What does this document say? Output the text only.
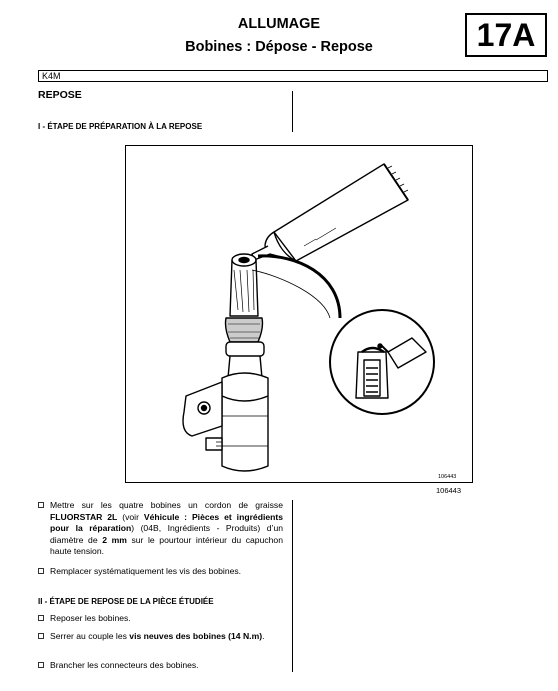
ALLUMAGE
Bobines : Dépose - Repose	17A
K4M
REPOSE
I - ÉTAPE DE PRÉPARATION À LA REPOSE
106443
106443
Mettre sur les quatre bobines un cordon de graisse FLUORSTAR 2L (voir Véhicule : Pièces et ingrédients pour la réparation) (04B, Ingrédients - Produits) d’un diamètre de 2 mm sur le pourtour intérieur du capuchon haute tension.
Remplacer systématiquement les vis des bobines.
II - ÉTAPE DE REPOSE DE LA PIÈCE ÉTUDIÉE
Reposer les bobines.
Serrer au couple les vis neuves des bobines (14 N.m).
Brancher les connecteurs des bobines.
